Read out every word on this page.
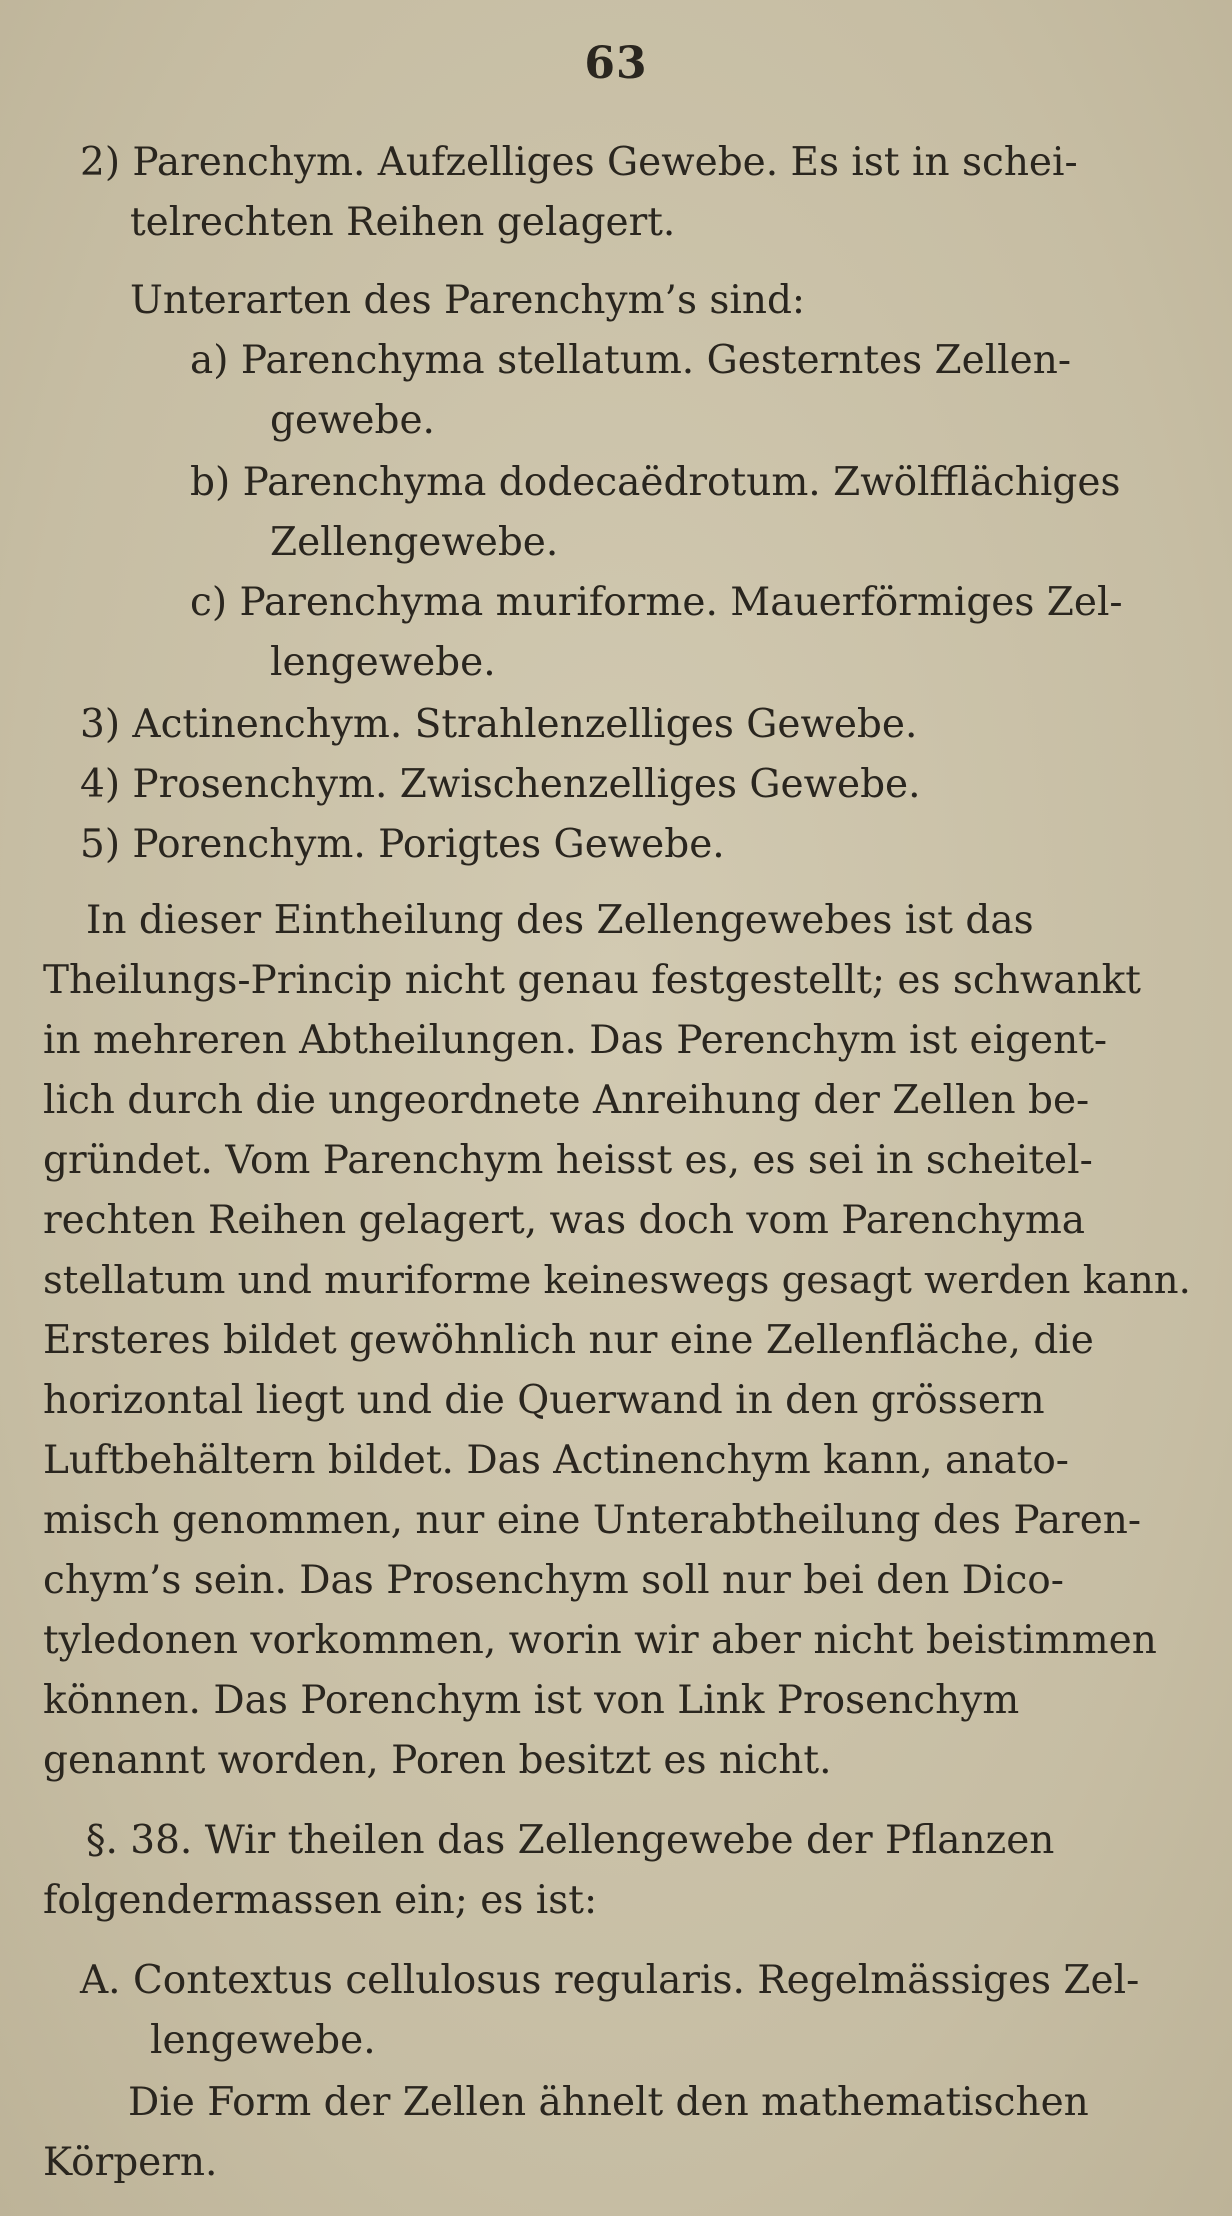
63
2) Parenchym. Aufzelliges Gewebe. Es ist in schei-
telrechten Reihen gelagert.
Unterarten des Parenchym’s sind:
a) Parenchyma stellatum. Gesterntes Zellen-
gewebe.
b) Parenchyma dodecaëdrotum. Zwölfflächiges
Zellengewebe.
c) Parenchyma muriforme. Mauerförmiges Zel-
lengewebe.
3) Actinenchym. Strahlenzelliges Gewebe.
4) Prosenchym. Zwischenzelliges Gewebe.
5) Porenchym. Porigtes Gewebe.
In dieser Eintheilung des Zellengewebes ist das
Theilungs-Princip nicht genau festgestellt; es schwankt
in mehreren Abtheilungen. Das Perenchym ist eigent-
lich durch die ungeordnete Anreihung der Zellen be-
gründet. Vom Parenchym heisst es, es sei in scheitel-
rechten Reihen gelagert, was doch vom Parenchyma
stellatum und muriforme keineswegs gesagt werden kann.
Ersteres bildet gewöhnlich nur eine Zellenfläche, die
horizontal liegt und die Querwand in den grössern
Luftbehältern bildet. Das Actinenchym kann, anato-
misch genommen, nur eine Unterabtheilung des Paren-
chym’s sein. Das Prosenchym soll nur bei den Dico-
tyledonen vorkommen, worin wir aber nicht beistimmen
können. Das Porenchym ist von Link Prosenchym
genannt worden, Poren besitzt es nicht.
§. 38. Wir theilen das Zellengewebe der Pflanzen
folgendermassen ein; es ist:
A. Contextus cellulosus regularis. Regelmässiges Zel-
lengewebe.
Die Form der Zellen ähnelt den mathematischen
Körpern.
